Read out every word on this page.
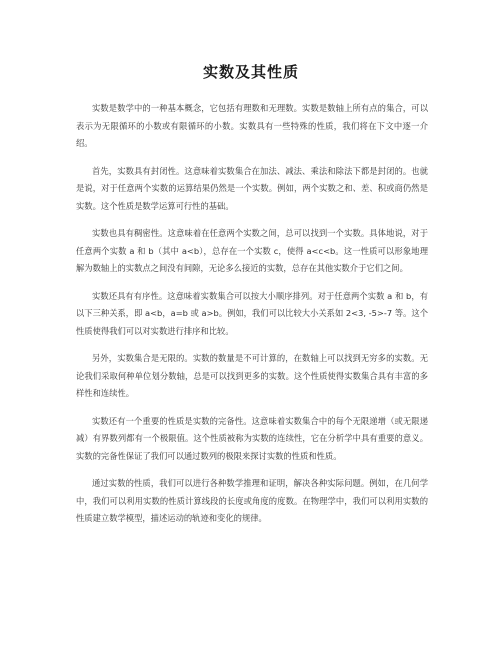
实数及其性质

实数是数学中的一种基本概念，它包括有理数和无理数。实数是数轴上所有点的集合，可以表示为无限循环的小数或有限循环的小数。实数具有一些特殊的性质，我们将在下文中逐一介绍。

首先，实数具有封闭性。这意味着实数集合在加法、减法、乘法和除法下都是封闭的。也就是说，对于任意两个实数的运算结果仍然是一个实数。例如，两个实数之和、差、积或商仍然是实数。这个性质是数学运算可行性的基础。

实数也具有稠密性。这意味着在任意两个实数之间，总可以找到一个实数。具体地说，对于任意两个实数 a 和 b（其中 a<b），总存在一个实数 c，使得 a<c<b。这一性质可以形象地理解为数轴上的实数点之间没有间隙，无论多么接近的实数，总存在其他实数介于它们之间。

实数还具有有序性。这意味着实数集合可以按大小顺序排列。对于任意两个实数 a 和 b，有以下三种关系，即 a<b，a=b 或 a>b。例如，我们可以比较大小关系如 2<3, -5>-7 等。这个性质使得我们可以对实数进行排序和比较。

另外，实数集合是无限的。实数的数量是不可计算的，在数轴上可以找到无穷多的实数。无论我们采取何种单位划分数轴，总是可以找到更多的实数。这个性质使得实数集合具有丰富的多样性和连续性。

实数还有一个重要的性质是实数的完备性。这意味着实数集合中的每个无限递增（或无限递减）有界数列都有一个极限值。这个性质被称为实数的连续性，它在分析学中具有重要的意义。实数的完备性保证了我们可以通过数列的极限来探讨实数的性质和性质。

通过实数的性质，我们可以进行各种数学推理和证明，解决各种实际问题。例如，在几何学中，我们可以利用实数的性质计算线段的长度或角度的度数。在物理学中，我们可以利用实数的性质建立数学模型，描述运动的轨迹和变化的规律。
